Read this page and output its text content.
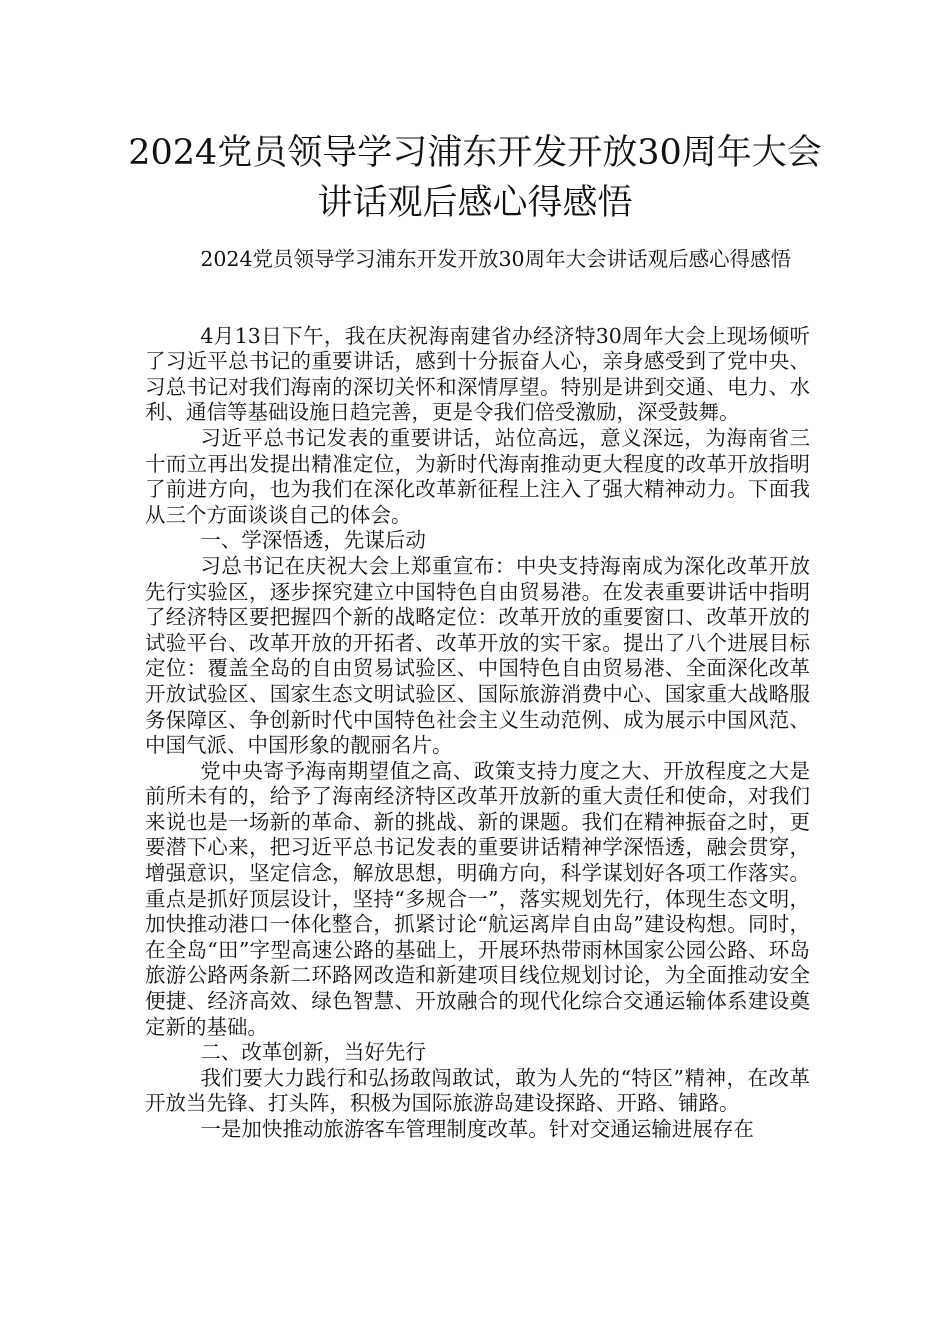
2024党员领导学习浦东开发开放30周年大会讲话观后感心得感悟

2024党员领导学习浦东开发开放30周年大会讲话观后感心得感悟

4月13日下午，我在庆祝海南建省办经济特30周年大会上现场倾听了习近平总书记的重要讲话，感到十分振奋人心，亲身感受到了党中央、习总书记对我们海南的深切关怀和深情厚望。特别是讲到交通、电力、水利、通信等基础设施日趋完善，更是令我们倍受激励，深受鼓舞。

习近平总书记发表的重要讲话，站位高远，意义深远，为海南省三十而立再出发提出精准定位，为新时代海南推动更大程度的改革开放指明了前进方向，也为我们在深化改革新征程上注入了强大精神动力。下面我从三个方面谈谈自己的体会。

一、学深悟透，先谋后动

习总书记在庆祝大会上郑重宣布：中央支持海南成为深化改革开放先行实验区，逐步探究建立中国特色自由贸易港。在发表重要讲话中指明了经济特区要把握四个新的战略定位：改革开放的重要窗口、改革开放的试验平台、改革开放的开拓者、改革开放的实干家。提出了八个进展目标定位：覆盖全岛的自由贸易试验区、中国特色自由贸易港、全面深化改革开放试验区、国家生态文明试验区、国际旅游消费中心、国家重大战略服务保障区、争创新时代中国特色社会主义生动范例、成为展示中国风范、中国气派、中国形象的靓丽名片。

党中央寄予海南期望值之高、政策支持力度之大、开放程度之大是前所未有的，给予了海南经济特区改革开放新的重大责任和使命，对我们来说也是一场新的革命、新的挑战、新的课题。我们在精神振奋之时，更要潜下心来，把习近平总书记发表的重要讲话精神学深悟透，融会贯穿，增强意识，坚定信念，解放思想，明确方向，科学谋划好各项工作落实。重点是抓好顶层设计，坚持“多规合一”，落实规划先行，体现生态文明，加快推动港口一体化整合，抓紧讨论“航运离岸自由岛”建设构想。同时，在全岛“田”字型高速公路的基础上，开展环热带雨林国家公园公路、环岛旅游公路两条新二环路网改造和新建项目线位规划讨论，为全面推动安全便捷、经济高效、绿色智慧、开放融合的现代化综合交通运输体系建设奠定新的基础。

二、改革创新，当好先行

我们要大力践行和弘扬敢闯敢试，敢为人先的“特区”精神，在改革开放当先锋、打头阵，积极为国际旅游岛建设探路、开路、铺路。

一是加快推动旅游客车管理制度改革。针对交通运输进展存在
